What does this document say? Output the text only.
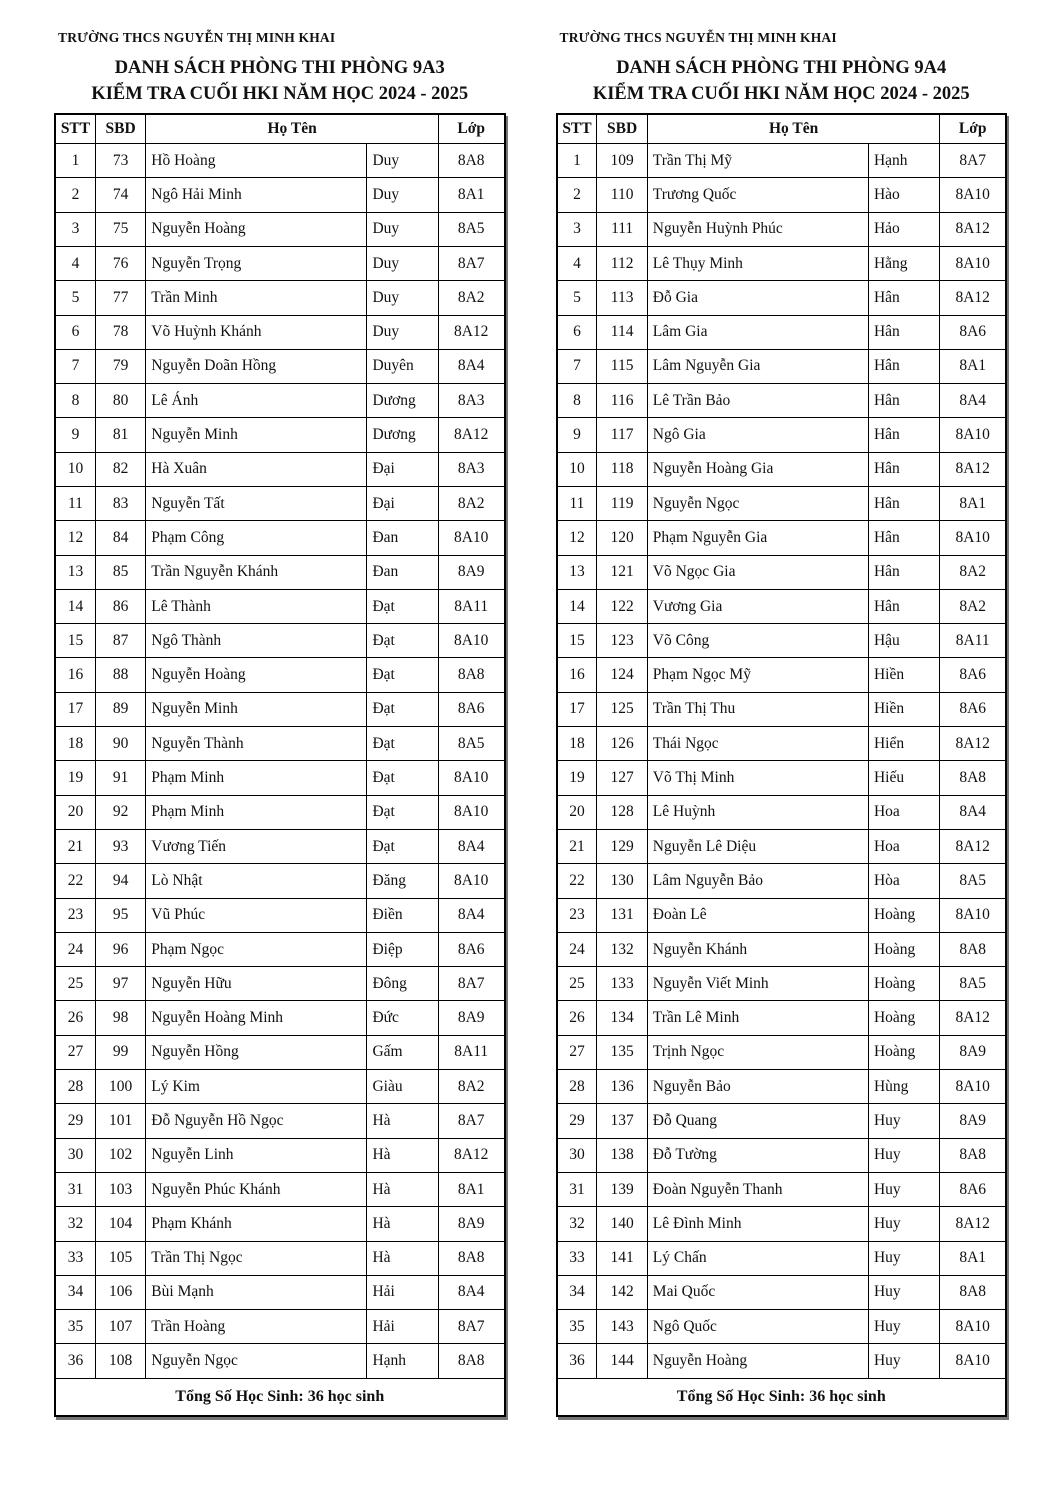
TRƯỜNG THCS NGUYỄN THỊ MINH KHAI
DANH SÁCH PHÒNG THI PHÒNG 9A3
KIỂM TRA CUỐI HKI NĂM HỌC 2024 - 2025
STT	SBD	Họ Tên		Lớp
1	73	Hồ Hoàng	Duy	8A8
2	74	Ngô Hải Minh	Duy	8A1
3	75	Nguyễn Hoàng	Duy	8A5
4	76	Nguyễn Trọng	Duy	8A7
5	77	Trần Minh	Duy	8A2
6	78	Võ Huỳnh Khánh	Duy	8A12
7	79	Nguyễn Doãn Hồng	Duyên	8A4
8	80	Lê Ánh	Dương	8A3
9	81	Nguyễn Minh	Dương	8A12
10	82	Hà Xuân	Đại	8A3
11	83	Nguyễn Tất	Đại	8A2
12	84	Phạm Công	Đan	8A10
13	85	Trần Nguyễn Khánh	Đan	8A9
14	86	Lê Thành	Đạt	8A11
15	87	Ngô Thành	Đạt	8A10
16	88	Nguyễn Hoàng	Đạt	8A8
17	89	Nguyễn Minh	Đạt	8A6
18	90	Nguyễn Thành	Đạt	8A5
19	91	Phạm Minh	Đạt	8A10
20	92	Phạm Minh	Đạt	8A10
21	93	Vương Tiến	Đạt	8A4
22	94	Lò Nhật	Đăng	8A10
23	95	Vũ Phúc	Điền	8A4
24	96	Phạm Ngọc	Điệp	8A6
25	97	Nguyễn Hữu	Đông	8A7
26	98	Nguyễn Hoàng Minh	Đức	8A9
27	99	Nguyễn Hồng	Gấm	8A11
28	100	Lý Kim	Giàu	8A2
29	101	Đỗ Nguyễn Hồ Ngọc	Hà	8A7
30	102	Nguyễn Linh	Hà	8A12
31	103	Nguyễn Phúc Khánh	Hà	8A1
32	104	Phạm Khánh	Hà	8A9
33	105	Trần Thị Ngọc	Hà	8A8
34	106	Bùi Mạnh	Hải	8A4
35	107	Trần Hoàng	Hải	8A7
36	108	Nguyễn Ngọc	Hạnh	8A8
Tổng Số Học Sinh: 36 học sinh				
TRƯỜNG THCS NGUYỄN THỊ MINH KHAI
DANH SÁCH PHÒNG THI PHÒNG 9A4
KIỂM TRA CUỐI HKI NĂM HỌC 2024 - 2025
STT	SBD	Họ Tên		Lớp
1	109	Trần Thị Mỹ	Hạnh	8A7
2	110	Trương Quốc	Hào	8A10
3	111	Nguyễn Huỳnh Phúc	Hảo	8A12
4	112	Lê Thụy Minh	Hằng	8A10
5	113	Đỗ Gia	Hân	8A12
6	114	Lâm Gia	Hân	8A6
7	115	Lâm Nguyễn Gia	Hân	8A1
8	116	Lê Trần Bảo	Hân	8A4
9	117	Ngô Gia	Hân	8A10
10	118	Nguyễn Hoàng Gia	Hân	8A12
11	119	Nguyễn Ngọc	Hân	8A1
12	120	Phạm Nguyễn Gia	Hân	8A10
13	121	Võ Ngọc Gia	Hân	8A2
14	122	Vương Gia	Hân	8A2
15	123	Võ Công	Hậu	8A11
16	124	Phạm Ngọc Mỹ	Hiền	8A6
17	125	Trần Thị Thu	Hiền	8A6
18	126	Thái Ngọc	Hiển	8A12
19	127	Võ Thị Minh	Hiếu	8A8
20	128	Lê Huỳnh	Hoa	8A4
21	129	Nguyễn Lê Diệu	Hoa	8A12
22	130	Lâm Nguyễn Bảo	Hòa	8A5
23	131	Đoàn Lê	Hoàng	8A10
24	132	Nguyễn Khánh	Hoàng	8A8
25	133	Nguyễn Viết Minh	Hoàng	8A5
26	134	Trần Lê Minh	Hoàng	8A12
27	135	Trịnh Ngọc	Hoàng	8A9
28	136	Nguyễn Bảo	Hùng	8A10
29	137	Đỗ Quang	Huy	8A9
30	138	Đỗ Tường	Huy	8A8
31	139	Đoàn Nguyễn Thanh	Huy	8A6
32	140	Lê Đình Minh	Huy	8A12
33	141	Lý Chấn	Huy	8A1
34	142	Mai Quốc	Huy	8A8
35	143	Ngô Quốc	Huy	8A10
36	144	Nguyễn Hoàng	Huy	8A10
Tổng Số Học Sinh: 36 học sinh				
